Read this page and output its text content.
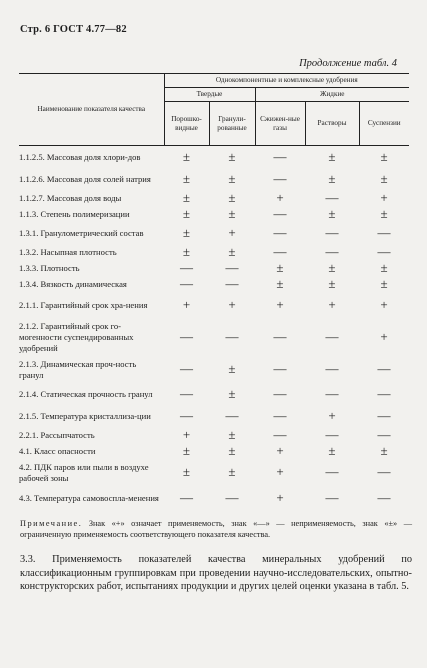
Стр. 6 ГОСТ 4.77—82
Продолжение табл. 4
Наименование показателя качества	Однокомпонентные и комплексные удобрения				
	Твердые		Жидкие		
	Порошко-видные	Гранули-рованные	Сжижен-ные газы	Растворы	Суспензии
1.1.2.5. Массовая доля хлори-дов	±	±	—	±	±
1.1.2.6. Массовая доля солей натрия	±	±	—	±	±
1.1.2.7. Массовая доля воды	±	±	+	—	+
1.1.3. Степень полимеризации	±	±	—	±	±
1.3.1. Гранулометрический состав	±	+	—	—	—
1.3.2. Насыпная плотность	±	±	—	—	—
1.3.3. Плотность	—	—	±	±	±
1.3.4. Вязкость динамическая	—	—	±	±	±
2.1.1. Гарантийный срок хра-нения	+	+	+	+	+
2.1.2. Гарантийный срок го-могенности суспендированных удобрений	—	—	—	—	+
2.1.3. Динамическая проч-ность гранул	—	±	—	—	—
2.1.4. Статическая прочность гранул	—	±	—	—	—
2.1.5. Температура кристаллиза-ции	—	—	—	+	—
2.2.1. Рассыпчатость	+	±	—	—	—
4.1. Класс опасности	±	±	+	±	±
4.2. ПДК паров или пыли в воздухе рабочей зоны	±	±	+	—	—
4.3. Температура самовоспла-менения	—	—	+	—	—
Примечание. Знак «+» означает применяемость, знак «—» — неприменяемость, знак «±» — ограниченную применяемость соответствующего показателя качества.
3.3. Применяемость показателей качества минеральных удобрений по классификационным группировкам при проведении научно-исследовательских, опытно-конструкторских работ, испытаниях продукции и других целей оценки указана в табл. 5.
